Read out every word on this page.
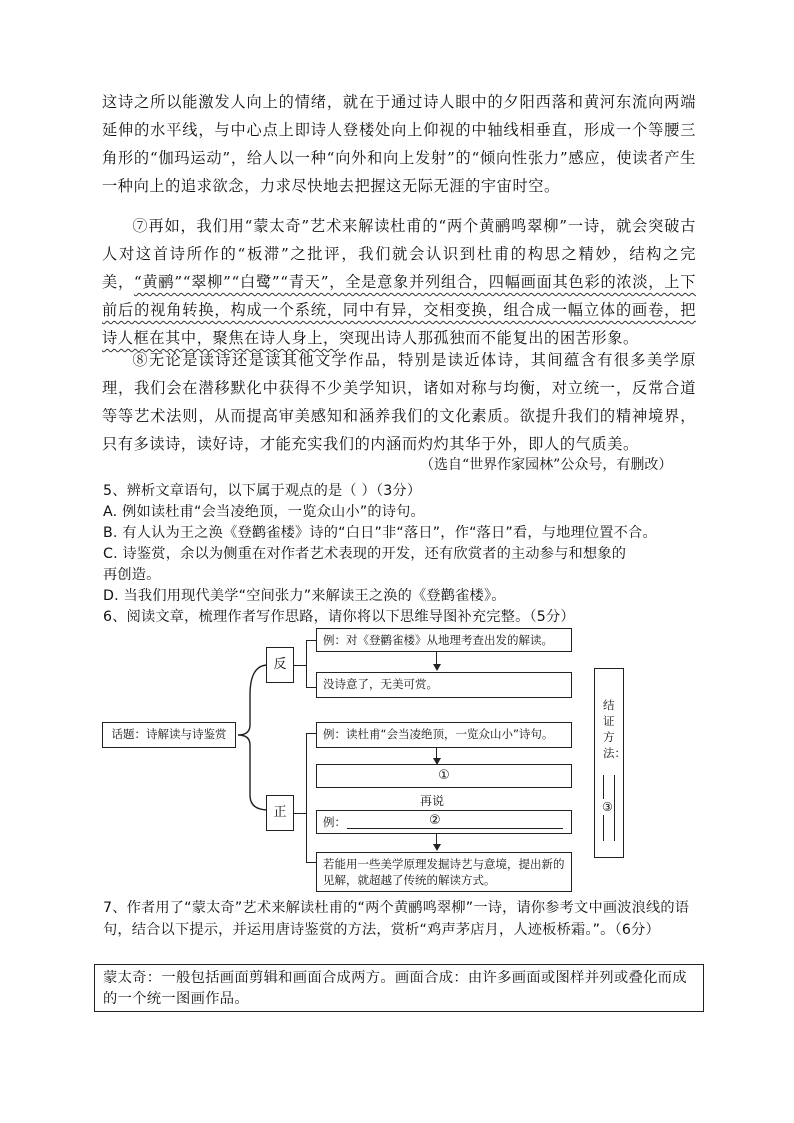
这诗之所以能激发人向上的情绪，就在于通过诗人眼中的夕阳西落和黄河东流向两端延伸的水平线，与中心点上即诗人登楼处向上仰视的中轴线相垂直，形成一个等腰三角形的“伽玛运动”，给人以一种“向外和向上发射”的“倾向性张力”感应，使读者产生一种向上的追求欲念，力求尽快地去把握这无际无涯的宇宙时空。
⑦再如，我们用“蒙太奇”艺术来解读杜甫的“两个黄鹂鸣翠柳”一诗，就会突破古人对这首诗所作的“板滞”之批评，我们就会认识到杜甫的构思之精妙，结构之完美，“黄鹂”“翠柳”“白鹭”“青天”，全是意象并列组合，四幅画面其色彩的浓淡，上下前后的视角转换，构成一个系统，同中有异，交相变换，组合成一幅立体的画卷，把诗人框在其中，聚焦在诗人身上，突现出诗人那孤独而不能复出的困苦形象。
⑧无论是读诗还是读其他文学作品，特别是读近体诗，其间蕴含有很多美学原理，我们会在潜移默化中获得不少美学知识，诸如对称与均衡，对立统一，反常合道等等艺术法则，从而提高审美感知和涵养我们的文化素质。欲提升我们的精神境界，只有多读诗，读好诗，才能充实我们的内涵而灼灼其华于外，即人的气质美。
（选自“世界作家园林”公众号，有删改）
5、辨析文章语句，以下属于观点的是（ ）（3分）
A. 例如读杜甫“会当凌绝顶，一览众山小”的诗句。
B. 有人认为王之涣《登鹳雀楼》诗的“白日”非“落日”，作“落日”看，与地理位置不合。
C. 诗鉴赏，余以为侧重在对作者艺术表现的开发，还有欣赏者的主动参与和想象的
再创造。
D. 当我们用现代美学“空间张力”来解读王之涣的《登鹳雀楼》。
6、阅读文章，梳理作者写作思路，请你将以下思维导图补充完整。（5分）
话题：诗解读与诗鉴赏
反
正
例：对《登鹳雀楼》从地理考查出发的解读。
没诗意了，无美可赏。
例：读杜甫“会当凌绝顶，一览众山小”诗句。
①
再说
例：	②
若能用一些美学原理发掘诗艺与意境，提出新的见解，就超越了传统的解读方式。
结证方法：
③
7、作者用了“蒙太奇”艺术来解读杜甫的“两个黄鹂鸣翠柳”一诗，请你参考文中画波浪线的语句，结合以下提示，并运用唐诗鉴赏的方法，赏析“鸡声茅店月，人迹板桥霜。”。（6分）
蒙太奇：一般包括画面剪辑和画面合成两方。画面合成：由许多画面或图样并列或叠化而成的一个统一图画作品。
